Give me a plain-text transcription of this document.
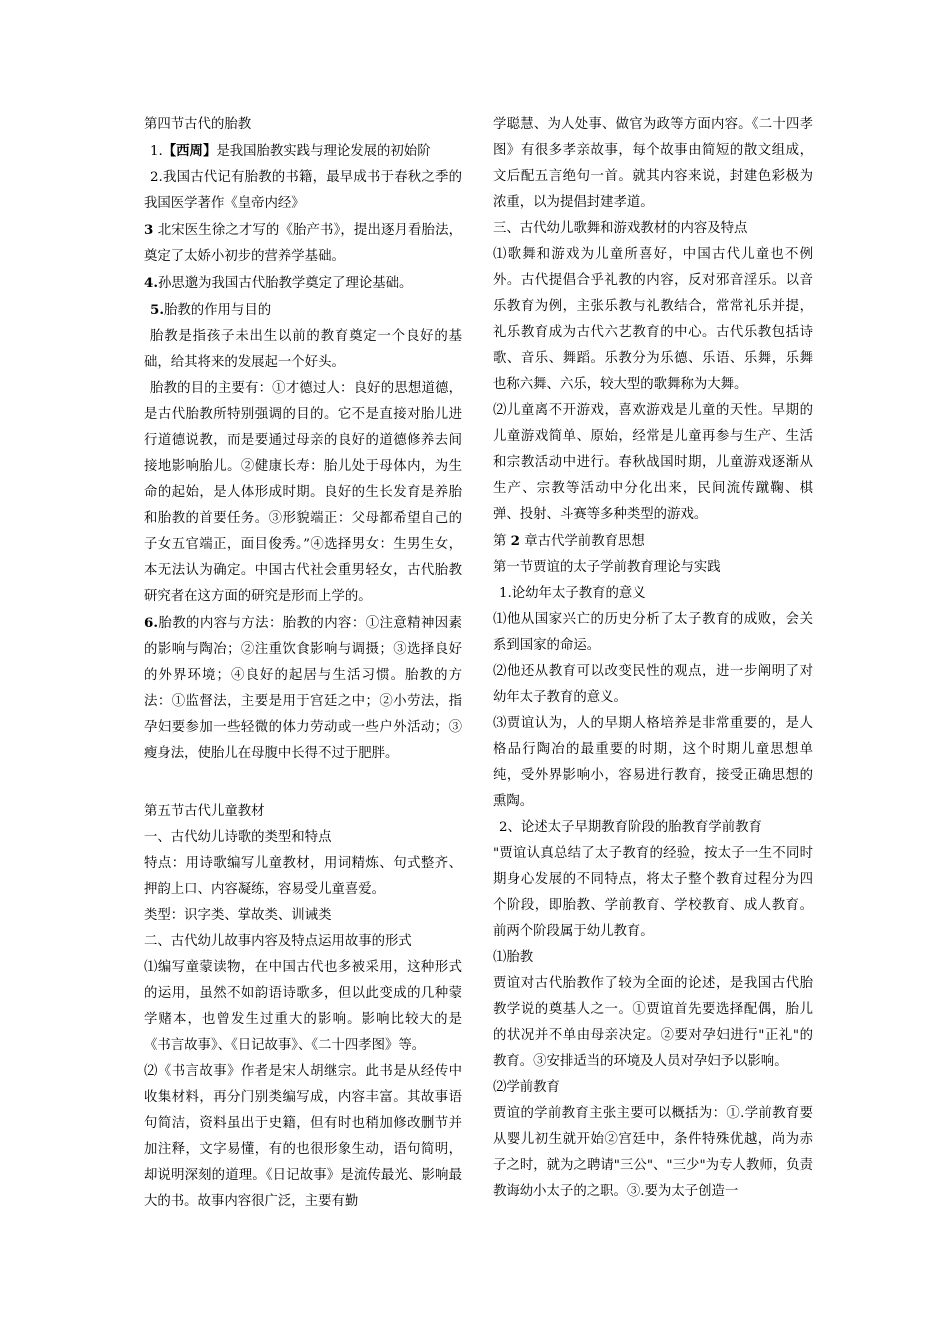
第四节古代的胎教

1.【西周】是我国胎教实践与理论发展的初始阶

2.我国古代记有胎教的书籍，最早成书于春秋之季的我国医学著作《皇帝内经》

3 北宋医生徐之才写的《胎产书》，提出逐月看胎法，奠定了太娇小初步的营养学基础。

4.孙思邈为我国古代胎教学奠定了理论基础。

5.胎教的作用与目的

胎教是指孩子未出生以前的教育奠定一个良好的基础，给其将来的发展起一个好头。

胎教的目的主要有：①才德过人：良好的思想道德，是古代胎教所特别强调的目的。它不是直接对胎儿进行道德说教，而是要通过母亲的良好的道德修养去间接地影响胎儿。②健康长寿：胎儿处于母体内，为生命的起始，是人体形成时期。良好的生长发育是养胎和胎教的首要任务。③形貌端正：父母都希望自己的子女五官端正，面目俊秀。”④选择男女：生男生女，本无法认为确定。中国古代社会重男轻女，古代胎教研究者在这方面的研究是形而上学的。

6.胎教的内容与方法：胎教的内容：①注意精神因素的影响与陶冶；②注重饮食影响与调摄；③选择良好的外界环境；④良好的起居与生活习惯。胎教的方法：①监督法，主要是用于宫廷之中；②小劳法，指孕妇要参加一些轻微的体力劳动或一些户外活动；③瘦身法，使胎儿在母腹中长得不过于肥胖。

第五节古代儿童教材

一、古代幼儿诗歌的类型和特点

特点：用诗歌编写儿童教材，用词精炼、句式整齐、押韵上口、内容凝练，容易受儿童喜爱。

类型：识字类、掌故类、训诫类

二、古代幼儿故事内容及特点运用故事的形式

⑴编写童蒙读物，在中国古代也多被采用，这种形式的运用，虽然不如韵语诗歌多，但以此变成的几种蒙学赌本，也曾发生过重大的影响。影响比较大的是《书言故事》、《日记故事》、《二十四孝图》等。

⑵《书言故事》作者是宋人胡继宗。此书是从经传中收集材料，再分门别类编写成，内容丰富。其故事语句简洁，资料虽出于史籍，但有时也稍加修改删节并加注释，文字易懂，有的也很形象生动，语句简明，却说明深刻的道理。《日记故事》是流传最光、影响最大的书。故事内容很广泛，主要有勤

学聪慧、为人处事、做官为政等方面内容。《二十四孝图》有很多孝亲故事，每个故事由简短的散文组成，文后配五言绝句一首。就其内容来说，封建色彩极为浓重，以为提倡封建孝道。

三、古代幼儿歌舞和游戏教材的内容及特点

⑴歌舞和游戏为儿童所喜好，中国古代儿童也不例外。古代提倡合乎礼教的内容，反对邪音淫乐。以音乐教育为例，主张乐教与礼教结合，常常礼乐并提，礼乐教育成为古代六艺教育的中心。古代乐教包括诗歌、音乐、舞蹈。乐教分为乐德、乐语、乐舞，乐舞也称六舞、六乐，较大型的歌舞称为大舞。

⑵儿童离不开游戏，喜欢游戏是儿童的天性。早期的儿童游戏简单、原始，经常是儿童再参与生产、生活和宗教活动中进行。春秋战国时期，儿童游戏逐渐从生产、宗教等活动中分化出来，民间流传蹴鞠、棋弹、投射、斗赛等多种类型的游戏。

第 2 章古代学前教育思想

第一节贾谊的太子学前教育理论与实践

1.论幼年太子教育的意义

⑴他从国家兴亡的历史分析了太子教育的成败，会关系到国家的命运。

⑵他还从教育可以改变民性的观点，进一步阐明了对幼年太子教育的意义。

⑶贾谊认为，人的早期人格培养是非常重要的，是人格品行陶冶的最重要的时期，这个时期儿童思想单纯，受外界影响小，容易进行教育，接受正确思想的熏陶。

2、论述太子早期教育阶段的胎教育学前教育

"贾谊认真总结了太子教育的经验，按太子一生不同时期身心发展的不同特点，将太子整个教育过程分为四个阶段，即胎教、学前教育、学校教育、成人教育。前两个阶段属于幼儿教育。

⑴胎教

贾谊对古代胎教作了较为全面的论述，是我国古代胎教学说的奠基人之一。①贾谊首先要选择配偶，胎儿的状况并不单由母亲决定。②要对孕妇进行"正礼"的教育。③安排适当的环境及人员对孕妇予以影响。

⑵学前教育

贾谊的学前教育主张主要可以概括为：①.学前教育要从婴儿初生就开始②宫廷中，条件特殊优越，尚为赤子之时，就为之聘请"三公"、"三少"为专人教师，负责教诲幼小太子的之职。③.要为太子创造一
